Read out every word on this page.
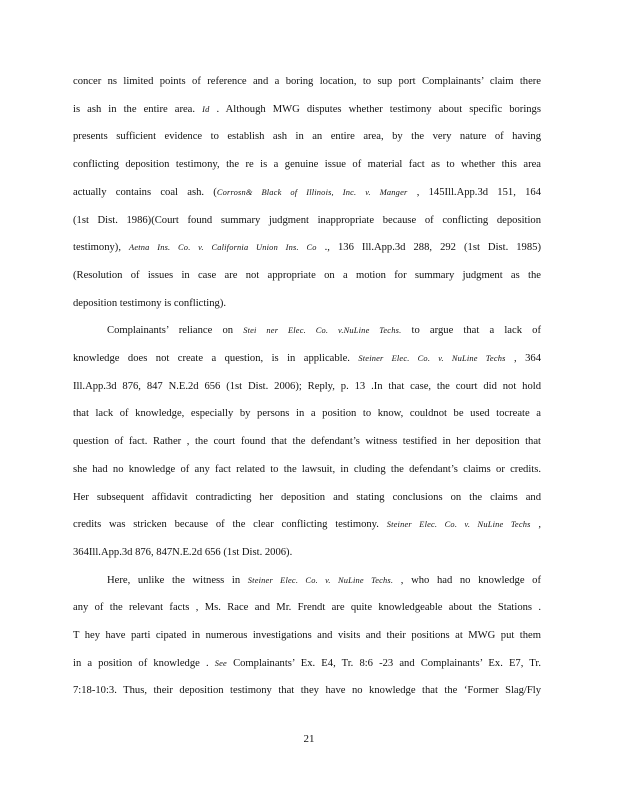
concer ns limited points of reference and a boring location, to sup port Complainants’ claim there
is ash in the entire area. Id . Although MWG disputes whether testimony about specific borings
presents sufficient evidence to establish ash in an entire area, by the very nature of having
conflicting deposition testimony, the re is a genuine issue of material fact as to whether this area
actually contains coal ash. (Corrosn& Black of Illinois, Inc. v. Manger , 145Ill.App.3d 151, 164
(1st Dist. 1986)(Court found summary judgment inappropriate because of conflicting deposition
testimony), Aetna Ins. Co. v. California Union Ins. Co ., 136 Ill.App.3d 288, 292 (1st Dist. 1985)
(Resolution of issues in case are not appropriate on a motion for summary judgment as the
deposition testimony is conflicting).
Complainants’ reliance on Stei ner Elec. Co. v.NuLine Techs. to argue that a lack of
knowledge does not create a question, is in applicable. Steiner Elec. Co. v. NuLine Techs , 364
Ill.App.3d 876, 847 N.E.2d 656 (1st Dist. 2006); Reply, p. 13 .In that case, the court did not hold
that lack of knowledge, especially by persons in a position to know, couldnot be used tocreate a
question of fact. Rather , the court found that the defendant’s witness testified in her deposition that
she had no knowledge of any fact related to the lawsuit, in cluding the defendant’s claims or credits.
Her subsequent affidavit contradicting her deposition and stating conclusions on the claims and
credits was stricken because of the clear conflicting testimony. Steiner Elec. Co. v. NuLine Techs ,
364Ill.App.3d 876, 847N.E.2d 656 (1st Dist. 2006).
Here, unlike the witness in Steiner Elec. Co. v. NuLine Techs. , who had no knowledge of
any of the relevant facts , Ms. Race and Mr. Frendt are quite knowledgeable about the Stations .
T hey have parti cipated in numerous investigations and visits and their positions at MWG put them
in a position of knowledge . See Complainants’ Ex. E4, Tr. 8:6 -23 and Complainants’ Ex. E7, Tr.
7:18-10:3. Thus, their deposition testimony that they have no knowledge that the ‘Former Slag/Fly
21
